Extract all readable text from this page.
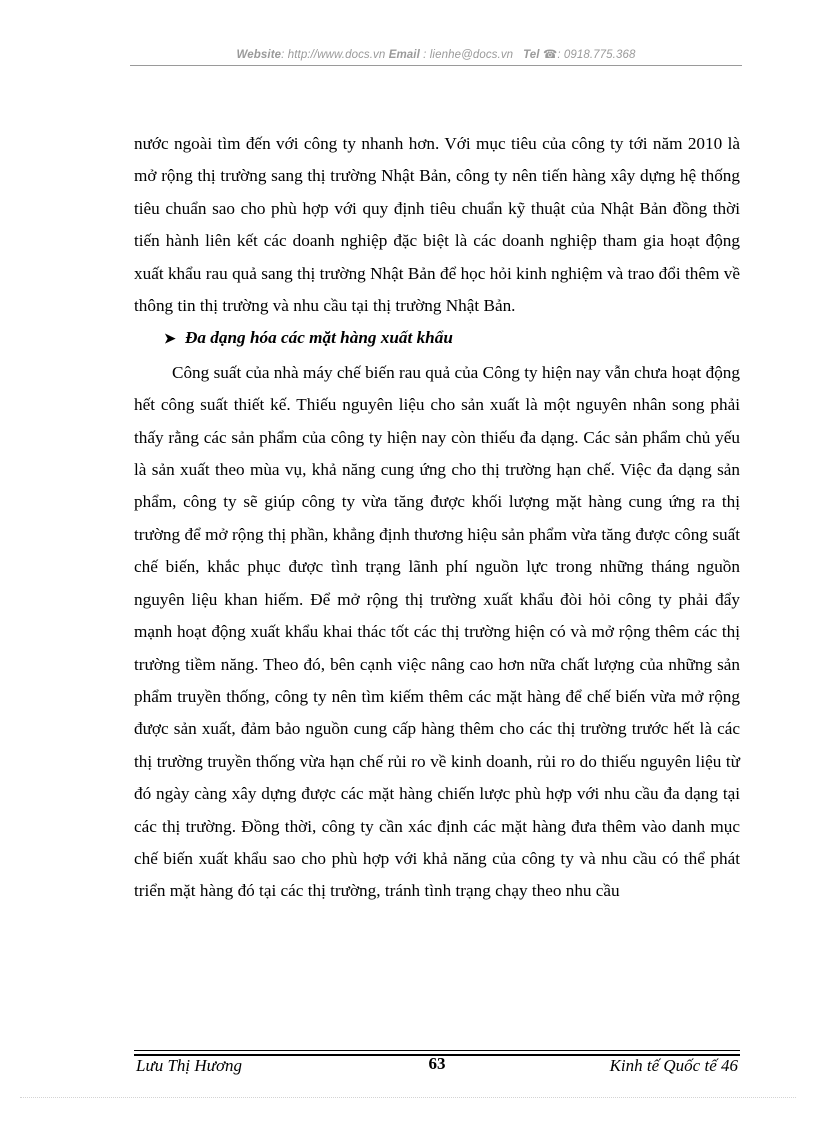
Website: http://www.docs.vn Email : lienhe@docs.vn Tel ☎: 0918.775.368

nước ngoài tìm đến với công ty nhanh hơn. Với mục tiêu của công ty tới năm 2010 là mở rộng thị trường sang thị trường Nhật Bản, công ty nên tiến hàng xây dựng hệ thống tiêu chuẩn sao cho phù hợp với quy định tiêu chuẩn kỹ thuật của Nhật Bản đồng thời tiến hành liên kết các doanh nghiệp đặc biệt là các doanh nghiệp tham gia hoạt động xuất khẩu rau quả sang thị trường Nhật Bản để học hỏi kinh nghiệm và trao đổi thêm về thông tin thị trường và nhu cầu tại thị trường Nhật Bản.

➤ Đa dạng hóa các mặt hàng xuất khẩu

Công suất của nhà máy chế biến rau quả của Công ty hiện nay vẫn chưa hoạt động hết công suất thiết kế. Thiếu nguyên liệu cho sản xuất là một nguyên nhân song phải thấy rằng các sản phẩm của công ty hiện nay còn thiếu đa dạng. Các sản phẩm chủ yếu là sản xuất theo mùa vụ, khả năng cung ứng cho thị trường hạn chế. Việc đa dạng sản phẩm, công ty sẽ giúp công ty vừa tăng được khối lượng mặt hàng cung ứng ra thị trường để mở rộng thị phần, khẳng định thương hiệu sản phẩm vừa tăng được công suất chế biến, khắc phục được tình trạng lãnh phí nguồn lực trong những tháng nguồn nguyên liệu khan hiếm. Để mở rộng thị trường xuất khẩu đòi hỏi công ty phải đẩy mạnh hoạt động xuất khẩu khai thác tốt các thị trường hiện có và mở rộng thêm các thị trường tiềm năng. Theo đó, bên cạnh việc nâng cao hơn nữa chất lượng của những sản phẩm truyền thống, công ty nên tìm kiếm thêm các mặt hàng để chế biến vừa mở rộng được sản xuất, đảm bảo nguồn cung cấp hàng thêm cho các thị trường trước hết là các thị trường truyền thống vừa hạn chế rủi ro về kinh doanh, rủi ro do thiếu nguyên liệu từ đó ngày càng xây dựng được các mặt hàng chiến lược phù hợp với nhu cầu đa dạng tại các thị trường. Đồng thời, công ty cần xác định các mặt hàng đưa thêm vào danh mục chế biến xuất khẩu sao cho phù hợp với khả năng của công ty và nhu cầu có thể phát triển mặt hàng đó tại các thị trường, tránh tình trạng chạy theo nhu cầu

Lưu Thị Hương	63	Kinh tế Quốc tế 46
